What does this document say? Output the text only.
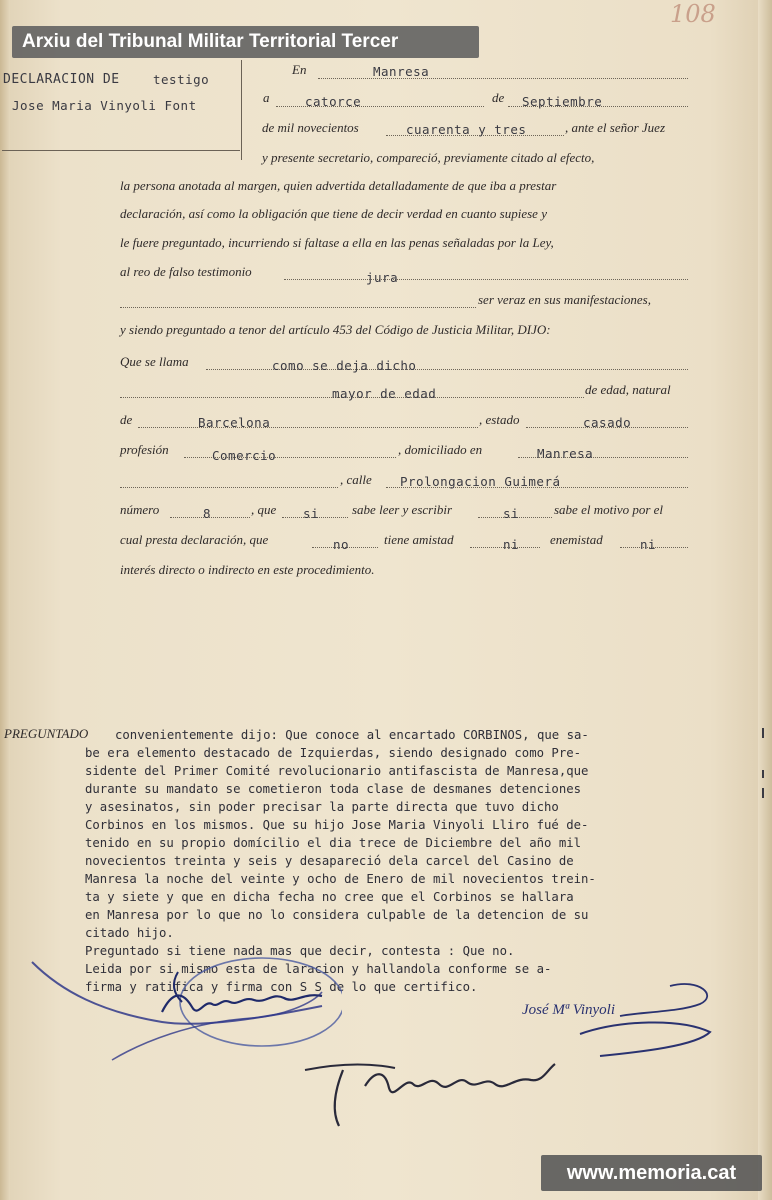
108
Arxiu del Tribunal Militar Territorial Tercer
DECLARACION DE	testigo
Jose Maria Vinyoli Font
En	Manresa
a	catorce	de Septiembre
de mil novecientos	cuarenta y tres	, ante el señor Juez
y presente secretario, compareció, previamente citado al efecto,
la persona anotada al margen, quien advertida detalladamente de que iba a prestar
declaración, así como la obligación que tiene de decir verdad en cuanto supiese y
le fuere preguntado, incurriendo si faltase a ella en las penas señaladas por la Ley,
al reo de falso testimonio	jura
ser veraz en sus manifestaciones,
y siendo preguntado a tenor del artículo 453 del Código de Justicia Militar, DIJO:
Que se llama	como se deja dicho
mayor de edad	de edad, natural
de	Barcelona	, estado	casado
profesión	Comercio	, domiciliado en	Manresa
, calle Prolongacion Guimerá
número	8	, que si	sabe leer y escribir	si	sabe el motivo por el
cual presta declaración, que	no	tiene amistad	ni enemistad	ni
interés directo o indirecto en este procedimiento.
PREGUNTADO convenientemente dijo: Que conoce al encartado CORBINOS, que sa-
be era elemento destacado de Izquierdas, siendo designado como Pre-
sidente del Primer Comité revolucionario antifascista de Manresa,que
durante su mandato se cometieron toda clase de desmanes detenciones
y asesinatos, sin poder precisar la parte directa que tuvo dicho
Corbinos en los mismos. Que su hijo Jose Maria Vinyoli Lliro fué de-
tenido en su propio domícilio el dia trece de Diciembre del año mil
novecientos treinta y seis y desapareció dela carcel del Casino de
Manresa la noche del veinte y ocho de Enero de mil novecientos trein-
ta y siete y que en dicha fecha no cree que el Corbinos se hallara
en Manresa por lo que no lo considera culpable de la detencion de su
citado hijo.
Preguntado si tiene nada mas que decir, contesta : Que no.
Leida por si mismo esta de laracion y hallandola conforme se a-
firma y ratifica y firma con S S de lo que certifico.
José Mª Vinyoli
www.memoria.cat
